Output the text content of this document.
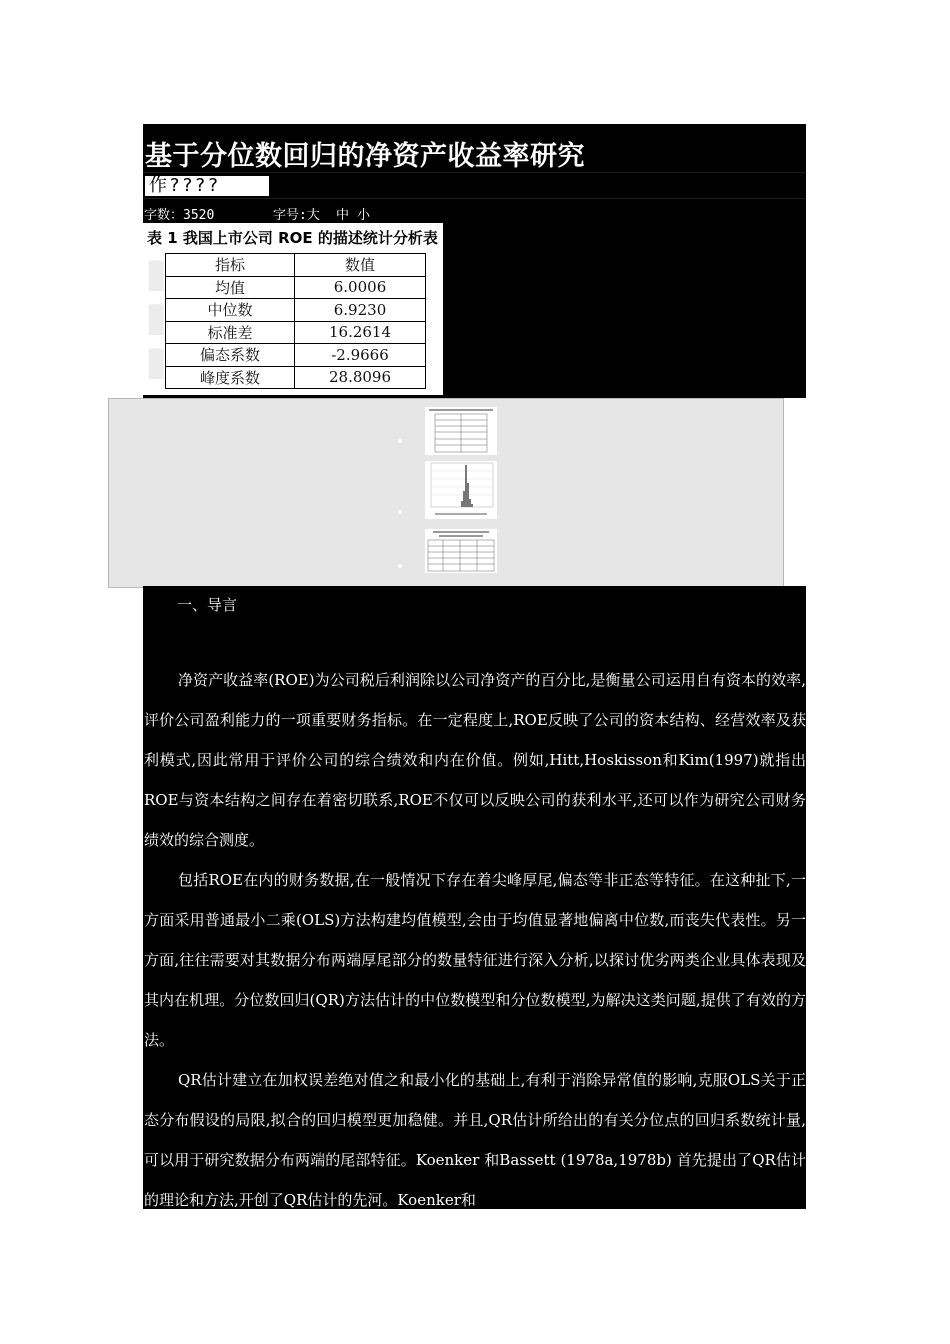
基于分位数回归的净资产收益率研究
作????
字数：3520	字号:大 中 小
▮
▮
▮
表 1 我国上市公司 ROE 的描述统计分析表
指标	数值
均值	6.0006
中位数	6.9230
标准差	16.2614
偏态系数	-2.9666
峰度系数	28.8096

一、导言

净资产收益率(ROE)为公司税后利润除以公司净资产的百分比,是衡量公司运用自有资本的效率,评价公司盈利能力的一项重要财务指标。在一定程度上,ROE反映了公司的资本结构、经营效率及获利模式,因此常用于评价公司的综合绩效和内在价值。例如,Hitt,Hoskisson和Kim(1997)就指出ROE与资本结构之间存在着密切联系,ROE不仅可以反映公司的获利水平,还可以作为研究公司财务绩效的综合测度。

包括ROE在内的财务数据,在一般情况下存在着尖峰厚尾,偏态等非正态等特征。在这种扯下,一方面采用普通最小二乘(OLS)方法构建均值模型,会由于均值显著地偏离中位数,而丧失代表性。另一方面,往往需要对其数据分布两端厚尾部分的数量特征进行深入分析,以探讨优劣两类企业具体表现及其内在机理。分位数回归(QR)方法估计的中位数模型和分位数模型,为解决这类问题,提供了有效的方法。

QR估计建立在加权误差绝对值之和最小化的基础上,有利于消除异常值的影响,克服OLS关于正态分布假设的局限,拟合的回归模型更加稳健。并且,QR估计所给出的有关分位点的回归系数统计量,可以用于研究数据分布两端的尾部特征。Koenker 和Bassett (1978a,1978b) 首先提出了QR估计的理论和方法,开创了QR估计的先河。Koenker和
